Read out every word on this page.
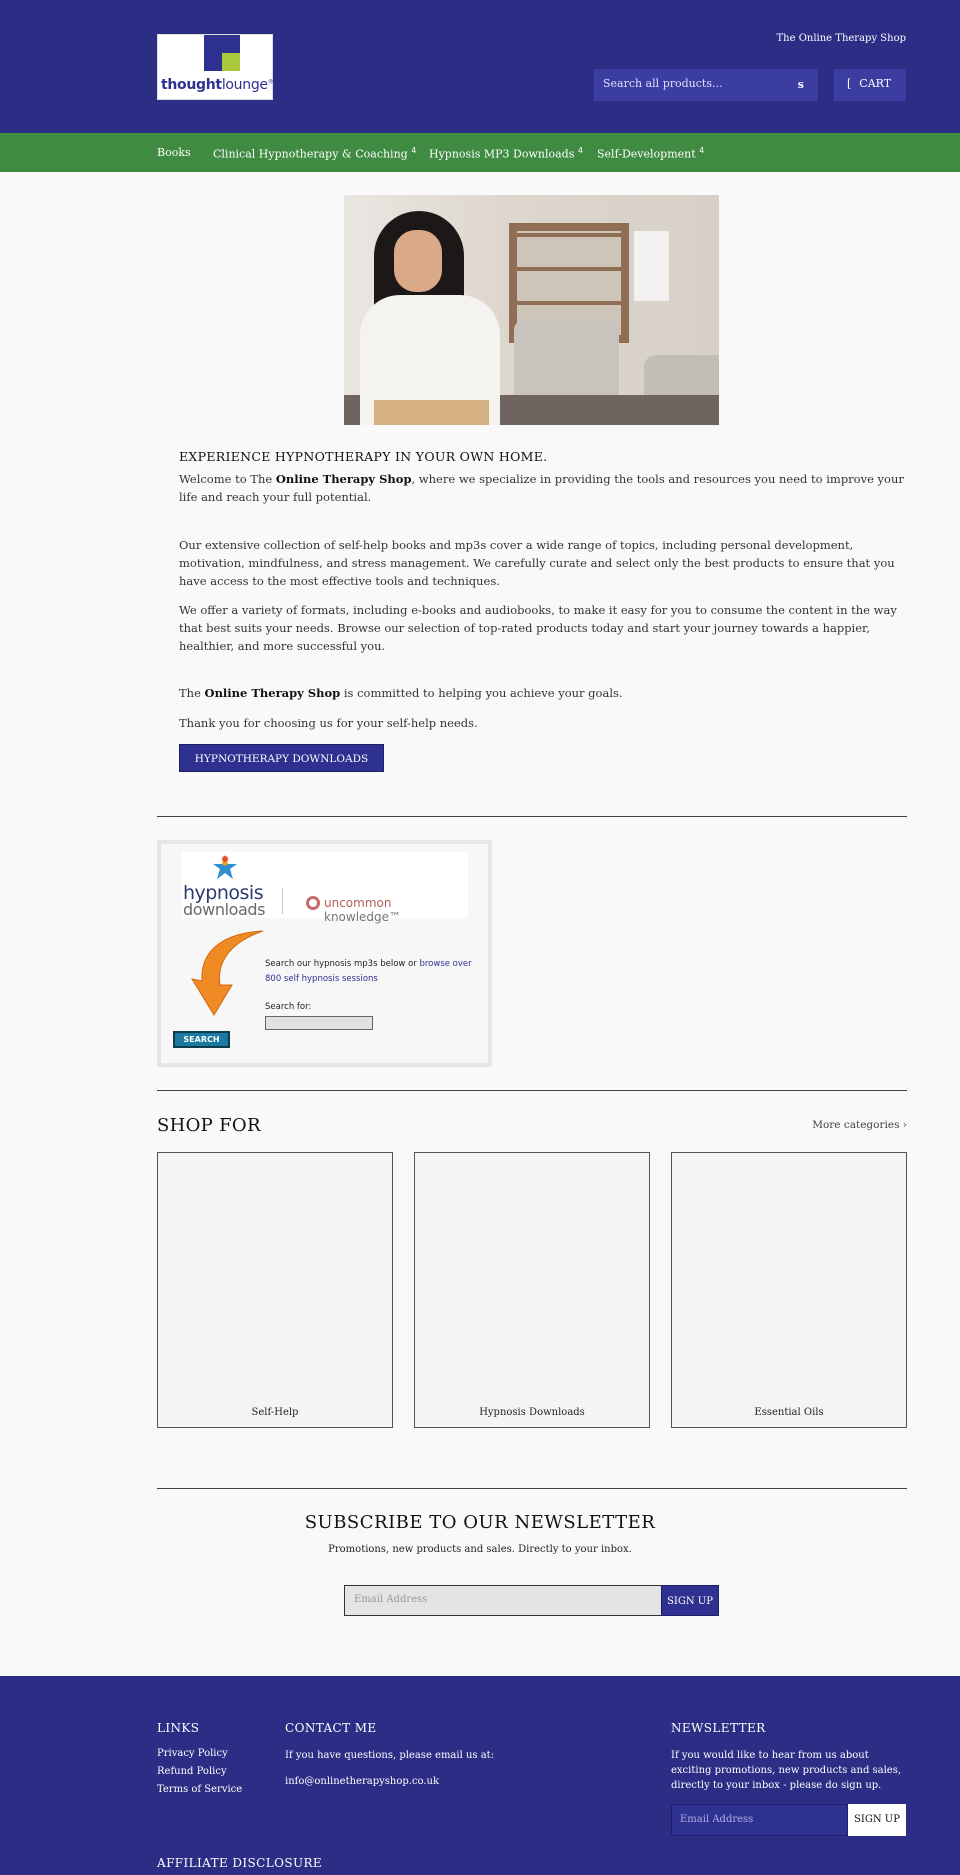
thoughtlounge®
The Online Therapy Shop
Search all products...	s	[ CART
Books Clinical Hypnotherapy & Coaching $^4$ Hypnosis MP3 Downloads $^4$ Self-Development $^4$
EXPERIENCE HYPNOTHERAPY IN YOUR OWN HOME.

Welcome to The Online Therapy Shop, where we specialize in providing the tools and resources you need to improve your life and reach your full potential.

Our extensive collection of self-help books and mp3s cover a wide range of topics, including personal development, motivation, mindfulness, and stress management. We carefully curate and select only the best products to ensure that you have access to the most effective tools and techniques.

We offer a variety of formats, including e-books and audiobooks, to make it easy for you to consume the content in the way that best suits your needs. Browse our selection of top-rated products today and start your journey towards a happier, healthier, and more successful you.

The Online Therapy Shop is committed to helping you achieve your goals.

Thank you for choosing us for your self-help needs.

HYPNOTHERAPY DOWNLOADS
hypnosis
downloads	uncommon knowledge™
Search our hypnosis mp3s below or browse over 800 self hypnosis sessions
Search for:
SEARCH
SHOP FOR	More categories ›
Self-Help	Hypnosis Downloads	Essential Oils
SUBSCRIBE TO OUR NEWSLETTER
Promotions, new products and sales. Directly to your inbox.
Email Address	SIGN UP
LINKS
Privacy Policy
Refund Policy
Terms of Service
CONTACT ME
If you have questions, please email us at:
info@onlinetherapyshop.co.uk
NEWSLETTER
If you would like to hear from us about exciting promotions, new products and sales, directly to your inbox - please do sign up.
Email Address	SIGN UP
AFFILIATE DISCLOSURE
